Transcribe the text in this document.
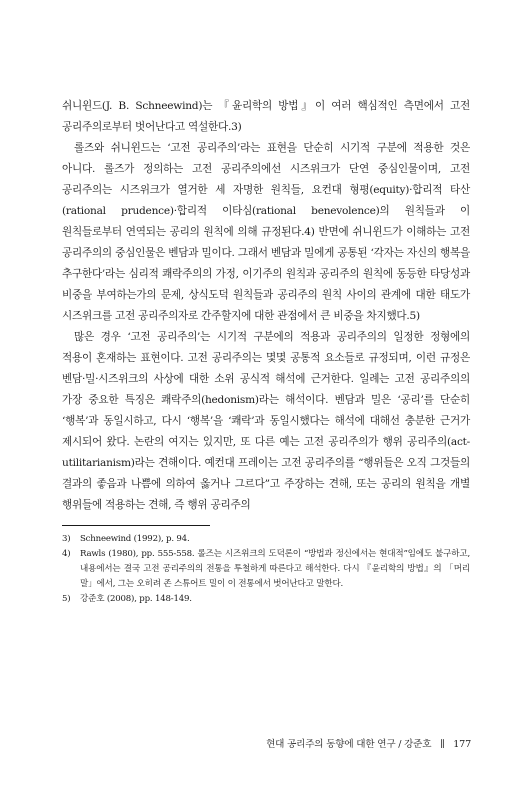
쉬니윈드(J. B. Schneewind)는 『윤리학의 방법』이 여러 핵심적인 측면에서 고전 공리주의로부터 벗어난다고 역설한다.3)

롤즈와 쉬니윈드는 ‘고전 공리주의’라는 표현을 단순히 시기적 구분에 적용한 것은 아니다. 롤즈가 정의하는 고전 공리주의에선 시즈위크가 단연 중심인물이며, 고전 공리주의는 시즈위크가 열거한 세 자명한 원칙들, 요컨대 형평(equity)·합리적 타산(rational prudence)·합리적 이타심(rational benevolence)의 원칙들과 이 원칙들로부터 연역되는 공리의 원칙에 의해 규정된다.4) 반면에 쉬니윈드가 이해하는 고전 공리주의의 중심인물은 벤담과 밀이다. 그래서 벤담과 밀에게 공통된 ‘각자는 자신의 행복을 추구한다’라는 심리적 쾌락주의의 가정, 이기주의 원칙과 공리주의 원칙에 동등한 타당성과 비중을 부여하는가의 문제, 상식도덕 원칙들과 공리주의 원칙 사이의 관계에 대한 태도가 시즈위크를 고전 공리주의자로 간주할지에 대한 관점에서 큰 비중을 차지했다.5)

많은 경우 ‘고전 공리주의’는 시기적 구분에의 적용과 공리주의의 일정한 정형에의 적용이 혼재하는 표현이다. 고전 공리주의는 몇몇 공통적 요소들로 규정되며, 이런 규정은 벤담·밀·시즈위크의 사상에 대한 소위 공식적 해석에 근거한다. 일례는 고전 공리주의의 가장 중요한 특징은 쾌락주의(hedonism)라는 해석이다. 벤담과 밀은 ‘공리’를 단순히 ‘행복’과 동일시하고, 다시 ‘행복’을 ‘쾌락’과 동일시했다는 해석에 대해선 충분한 근거가 제시되어 왔다. 논란의 여지는 있지만, 또 다른 예는 고전 공리주의가 행위 공리주의(act-utilitarianism)라는 견해이다. 예컨대 프레이는 고전 공리주의를 “행위들은 오직 그것들의 결과의 좋음과 나쁨에 의하여 옳거나 그르다”고 주장하는 견해, 또는 공리의 원칙을 개별 행위들에 적용하는 견해, 즉 행위 공리주의

3)	Schneewind (1992), p. 94.
4)	Rawls (1980), pp. 555-558. 롤즈는 시즈위크의 도덕론이 “방법과 정신에서는 현대적”임에도 불구하고, 내용에서는 결국 고전 공리주의의 전통을 투철하게 따른다고 해석한다. 다시 『윤리학의 방법』의 「머리말」에서, 그는 오히려 존 스튜어트 밀이 이 전통에서 벗어난다고 말한다.
5)	강준호 (2008), pp. 148-149.
현대 공리주의 동향에 대한 연구 / 강준호 ∥ 177
